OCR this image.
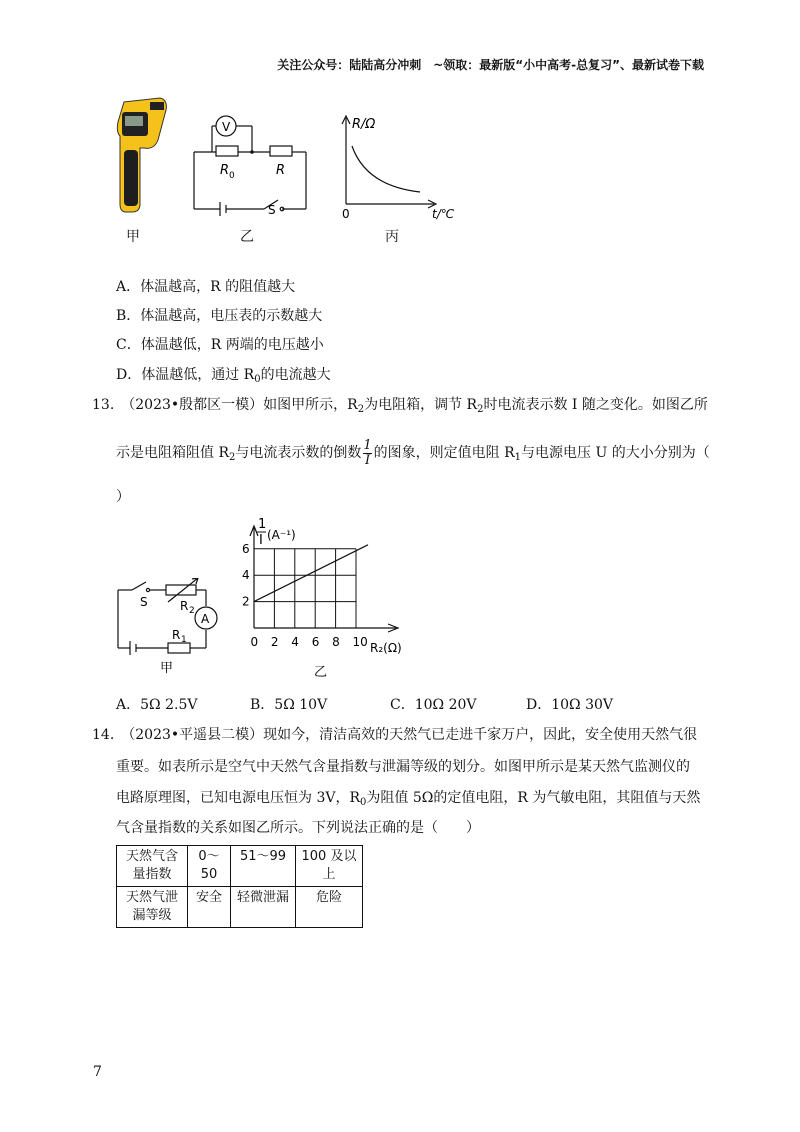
关注公众号：陆陆高分冲刺　~领取：最新版“小中高考-总复习”、最新试卷下载
甲
V
R 0	R
S
乙
R/Ω
0	t/℃
丙
A．体温越高，R 的阻值越大
B．体温越高，电压表的示数越大
C．体温越低，R 两端的电压越小
D．体温越低，通过 $R_0$的电流越大
13.　 （2023•殷都区一模）如图甲所示，$R_2$为电阻箱，调节 $R_2$时电流表示数 I 随之变化。如图乙所
示是电阻箱阻值 $R_2$与电流表示数的倒数 $\frac{1}{I}$ 的图象，则定值电阻 $R_1$与电源电压 U 的大小分别为（
）
S	R 2
A
R 1
甲
0 2 4 6 8 10
2
4
6
1
I (A⁻¹)
R₂(Ω)
乙
A．5Ω 2.5V	B．5Ω 10V	C．10Ω 20V	D．10Ω 30V
14.　 （2023•平遥县二模）现如今，清洁高效的天然气已走进千家万户，因此，安全使用天然气很
重要。如表所示是空气中天然气含量指数与泄漏等级的划分。如图甲所示是某天然气监测仪的
电路原理图，已知电源电压恒为 3V，$R_0$为阻值 5Ω的定值电阻，R 为气敏电阻，其阻值与天然
气含量指数的关系如图乙所示。下列说法正确的是（　　）
天然气含量指数	0～50	51～99	100 及以上
天然气泄漏等级	安全	轻微泄漏	危险
7
